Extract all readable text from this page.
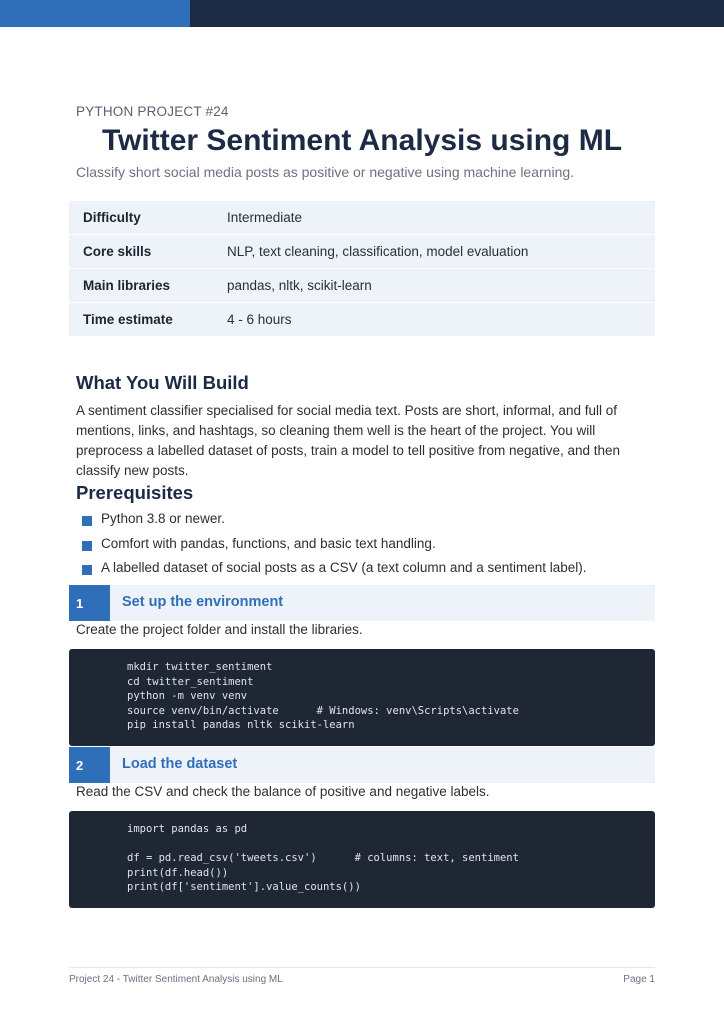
PYTHON PROJECT #24
Twitter Sentiment Analysis using ML
Classify short social media posts as positive or negative using machine learning.
Difficulty	Intermediate
Core skills	NLP, text cleaning, classification, model evaluation
Main libraries	pandas, nltk, scikit-learn
Time estimate	4 - 6 hours
What You Will Build

A sentiment classifier specialised for social media text. Posts are short, informal, and full of mentions, links, and hashtags, so cleaning them well is the heart of the project. You will preprocess a labelled dataset of posts, train a model to tell positive from negative, and then classify new posts.

Prerequisites
Python 3.8 or newer.
Comfort with pandas, functions, and basic text handling.
A labelled dataset of social posts as a CSV (a text column and a sentiment label).
1	Set up the environment
Create the project folder and install the libraries.
mkdir twitter_sentiment
cd twitter_sentiment
python -m venv venv
source venv/bin/activate      # Windows: venv\Scripts\activate
pip install pandas nltk scikit-learn
2	Load the dataset
Read the CSV and check the balance of positive and negative labels.
import pandas as pd

df = pd.read_csv('tweets.csv')      # columns: text, sentiment
print(df.head())
print(df['sentiment'].value_counts())
Project 24 - Twitter Sentiment Analysis using ML	Page 1
